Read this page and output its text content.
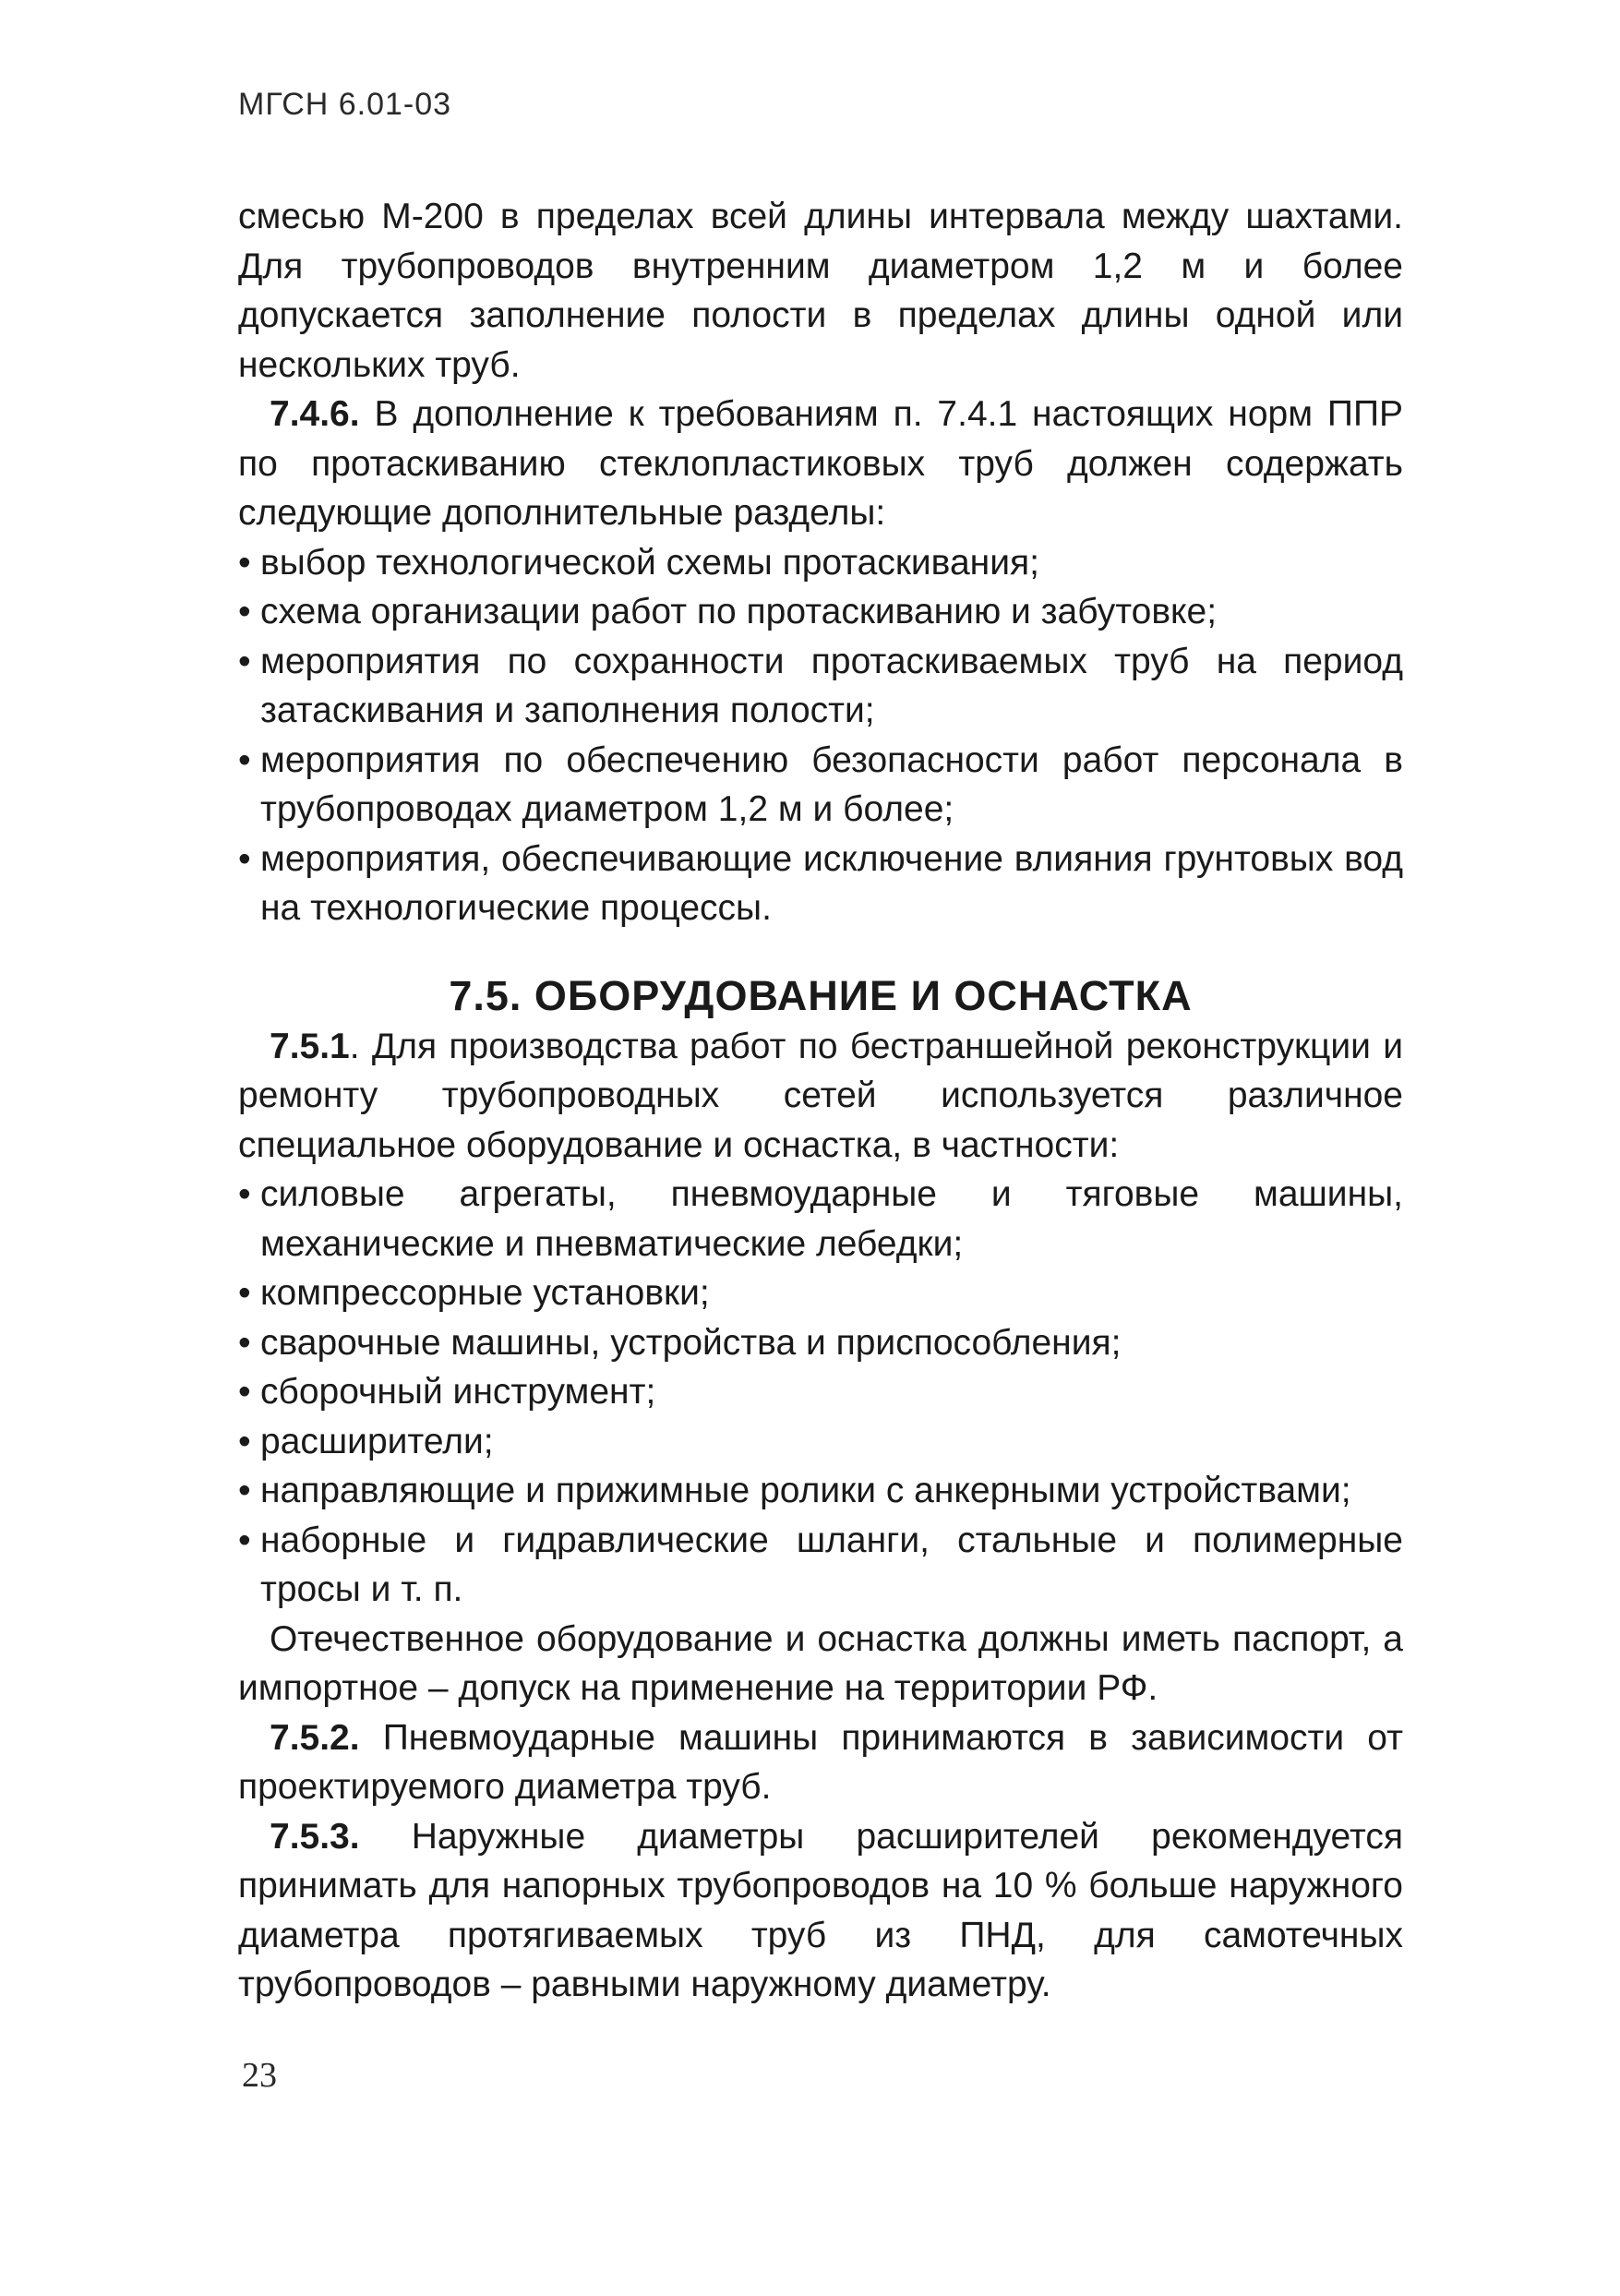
МГСН 6.01-03

смесью М-200 в пределах всей длины интервала между шахтами. Для трубопроводов внутренним диаметром 1,2 м и более допускается заполнение полости в пределах длины одной или нескольких труб.

7.4.6. В дополнение к требованиям п. 7.4.1 настоящих норм ППР по протаскиванию стеклопластиковых труб должен содержать следующие дополнительные разделы:

• выбор технологической схемы протаскивания;
• схема организации работ по протаскиванию и забутовке;
• мероприятия по сохранности протаскиваемых труб на период затаскивания и заполнения полости;
• мероприятия по обеспечению безопасности работ персонала в трубопроводах диаметром 1,2 м и более;
• мероприятия, обеспечивающие исключение влияния грунтовых вод на технологические процессы.
7.5. ОБОРУДОВАНИЕ И ОСНАСТКА

7.5.1. Для производства работ по бестраншейной реконструкции и ремонту трубопроводных сетей используется различное специальное оборудование и оснастка, в частности:

• силовые агрегаты, пневмоударные и тяговые машины, механические и пневматические лебедки;
• компрессорные установки;
• сварочные машины, устройства и приспособления;
• сборочный инструмент;
• расширители;
• направляющие и прижимные ролики с анкерными устройствами;
• наборные и гидравлические шланги, стальные и полимерные тросы и т. п.

Отечественное оборудование и оснастка должны иметь паспорт, а импортное – допуск на применение на территории РФ.

7.5.2. Пневмоударные машины принимаются в зависимости от проектируемого диаметра труб.

7.5.3. Наружные диаметры расширителей рекомендуется принимать для напорных трубопроводов на 10 % больше наружного диаметра протягиваемых труб из ПНД, для самотечных трубопроводов – равными наружному диаметру.

23
